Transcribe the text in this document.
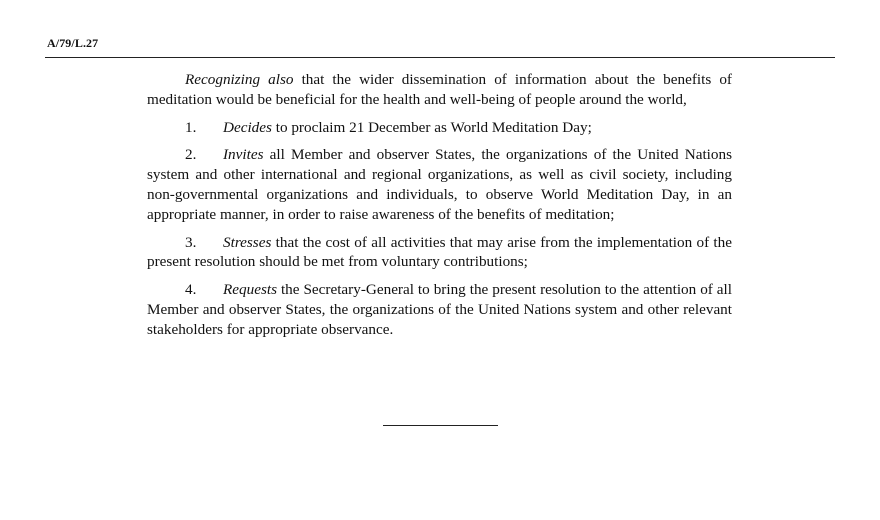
A/79/L.27

Recognizing also that the wider dissemination of information about the benefits of meditation would be beneficial for the health and well-being of people around the world,

1. Decides to proclaim 21 December as World Meditation Day;

2. Invites all Member and observer States, the organizations of the United Nations system and other international and regional organizations, as well as civil society, including non-governmental organizations and individuals, to observe World Meditation Day, in an appropriate manner, in order to raise awareness of the benefits of meditation;

3. Stresses that the cost of all activities that may arise from the implementation of the present resolution should be met from voluntary contributions;

4. Requests the Secretary-General to bring the present resolution to the attention of all Member and observer States, the organizations of the United Nations system and other relevant stakeholders for appropriate observance.
